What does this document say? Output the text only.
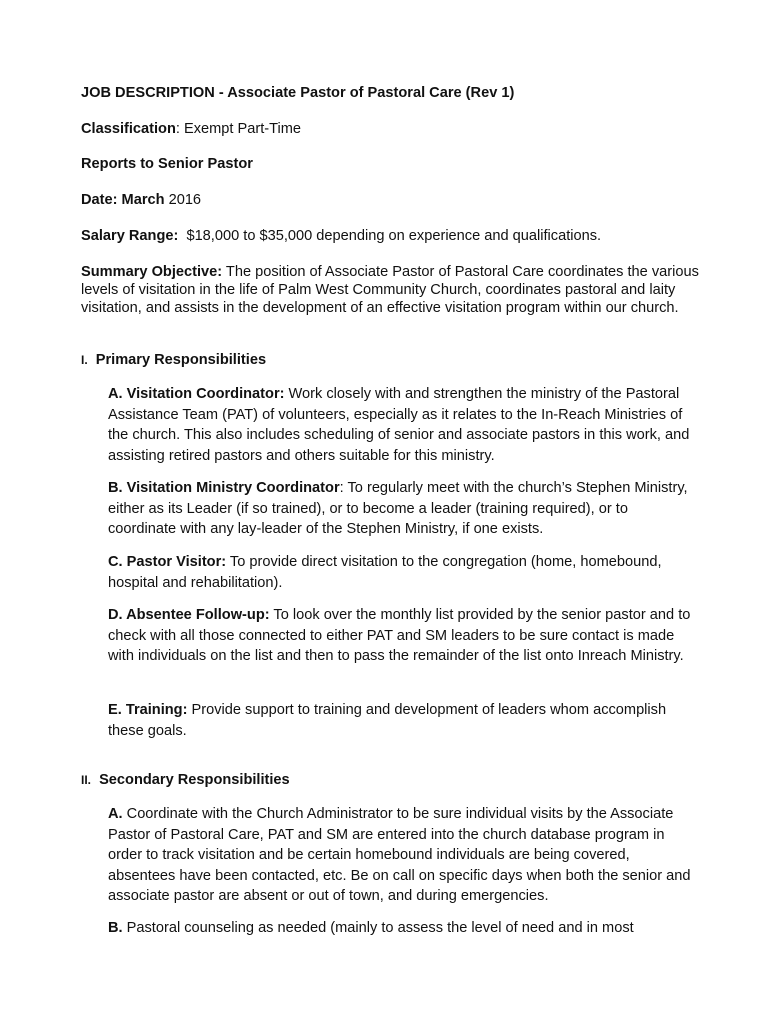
JOB DESCRIPTION - Associate Pastor of Pastoral Care (Rev 1)
Classification: Exempt Part-Time
Reports to Senior Pastor
Date: March 2016
Salary Range:  $18,000 to $35,000 depending on experience and qualifications.
Summary Objective: The position of Associate Pastor of Pastoral Care coordinates the various levels of visitation in the life of Palm West Community Church, coordinates pastoral and laity visitation, and assists in the development of an effective visitation program within our church.
I. Primary Responsibilities
A. Visitation Coordinator: Work closely with and strengthen the ministry of the Pastoral Assistance Team (PAT) of volunteers, especially as it relates to the In-Reach Ministries of the church. This also includes scheduling of senior and associate pastors in this work, and assisting retired pastors and others suitable for this ministry.
B. Visitation Ministry Coordinator: To regularly meet with the church’s Stephen Ministry, either as its Leader (if so trained), or to become a leader (training required), or to coordinate with any lay-leader of the Stephen Ministry, if one exists.
C. Pastor Visitor: To provide direct visitation to the congregation (home, homebound, hospital and rehabilitation).
D. Absentee Follow-up: To look over the monthly list provided by the senior pastor and to check with all those connected to either PAT and SM leaders to be sure contact is made with individuals on the list and then to pass the remainder of the list onto Inreach Ministry.
E. Training: Provide support to training and development of leaders whom accomplish these goals.
II. Secondary Responsibilities
A. Coordinate with the Church Administrator to be sure individual visits by the Associate Pastor of Pastoral Care, PAT and SM are entered into the church database program in order to track visitation and be certain homebound individuals are being covered, absentees have been contacted, etc. Be on call on specific days when both the senior and associate pastor are absent or out of town, and during emergencies.
B. Pastoral counseling as needed (mainly to assess the level of need and in most
